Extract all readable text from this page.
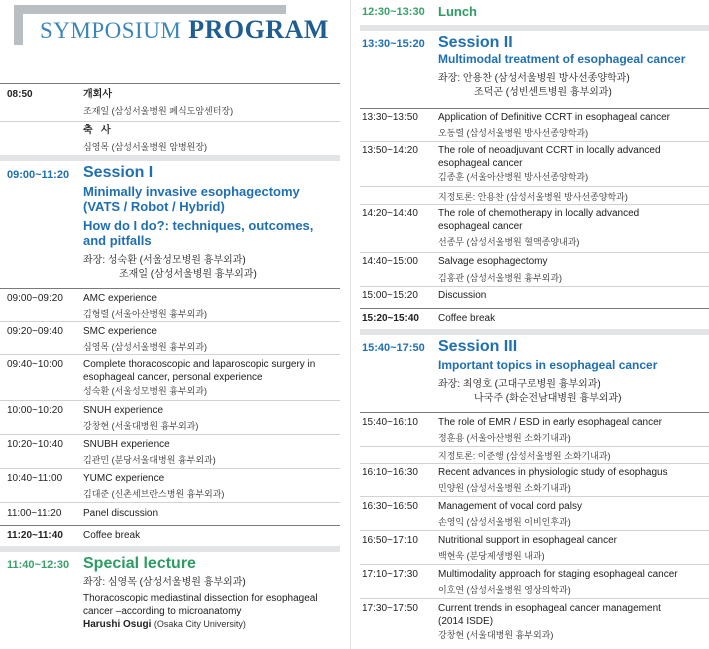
SYMPOSIUM PROGRAM
08:50	개회사
조재일 (삼성서울병원 폐식도암센터장)
축   사
심영목 (삼성서울병원 암병원장)
09:00~11:20 Session I
Minimally invasive esophagectomy
(VATS / Robot / Hybrid)
How do I do?: techniques, outcomes,
and pitfalls
좌장: 성숙환 (서울성모병원 흉부외과)
조재일 (삼성서울병원 흉부외과)
09:00~09:20 AMC experience
김형렬 (서울아산병원 흉부외과)
09:20~09:40 SMC experience
심영목 (삼성서울병원 흉부외과)
09:40~10:00 Complete thoracoscopic and laparoscopic surgery in
esophageal cancer, personal experience
성숙환 (서울성모병원 흉부외과)
10:00~10:20 SNUH experience
강창현 (서울대병원 흉부외과)
10:20~10:40 SNUBH experience
김관민 (분당서울대병원 흉부외과)
10:40~11:00 YUMC experience
김대준 (신촌세브란스병원 흉부외과)
11:00~11:20 Panel discussion
11:20~11:40 Coffee break
11:40~12:30 Special lecture
좌장: 심영목 (삼성서울병원 흉부외과)
Thoracoscopic mediastinal dissection for esophageal
cancer –according to microanatomy
Harushi Osugi (Osaka City University)
12:30~13:30 Lunch
13:30~15:20 Session II
Multimodal treatment of esophageal cancer
좌장: 안용찬 (삼성서울병원 방사선종양학과)
조덕곤 (성빈센트병원 흉부외과)
13:30~13:50 Application of Definitive CCRT in esophageal cancer
오동렬 (삼성서울병원 방사선종양학과)
13:50~14:20 The role of neoadjuvant CCRT in locally advanced
esophageal cancer
김종훈 (서울아산병원 방사선종양학과)
지정토론: 안용찬 (삼성서울병원 방사선종양학과)
14:20~14:40 The role of chemotherapy in locally advanced
esophageal cancer
선종무 (삼성서울병원 혈액종양내과)
14:40~15:00 Salvage esophagectomy
김홍관 (삼성서울병원 흉부외과)
15:00~15:20 Discussion
15:20~15:40 Coffee break
15:40~17:50 Session III
Important topics in esophageal cancer
좌장: 최영호 (고대구로병원 흉부외과)
나국주 (화순전남대병원 흉부외과)
15:40~16:10 The role of EMR / ESD in early esophageal cancer
정훈용 (서울아산병원 소화기내과)
지정토론: 이준행 (삼성서울병원 소화기내과)
16:10~16:30 Recent advances in physiologic study of esophagus
민양원 (삼성서울병원 소화기내과)
16:30~16:50 Management of vocal cord palsy
손영익 (삼성서울병원 이비인후과)
16:50~17:10 Nutritional support in esophageal cancer
백현욱 (분당제생병원 내과)
17:10~17:30 Multimodality approach for staging esophageal cancer
이호연 (삼성서울병원 영상의학과)
17:30~17:50 Current trends in esophageal cancer management
(2014 ISDE)
강창현 (서울대병원 흉부외과)
